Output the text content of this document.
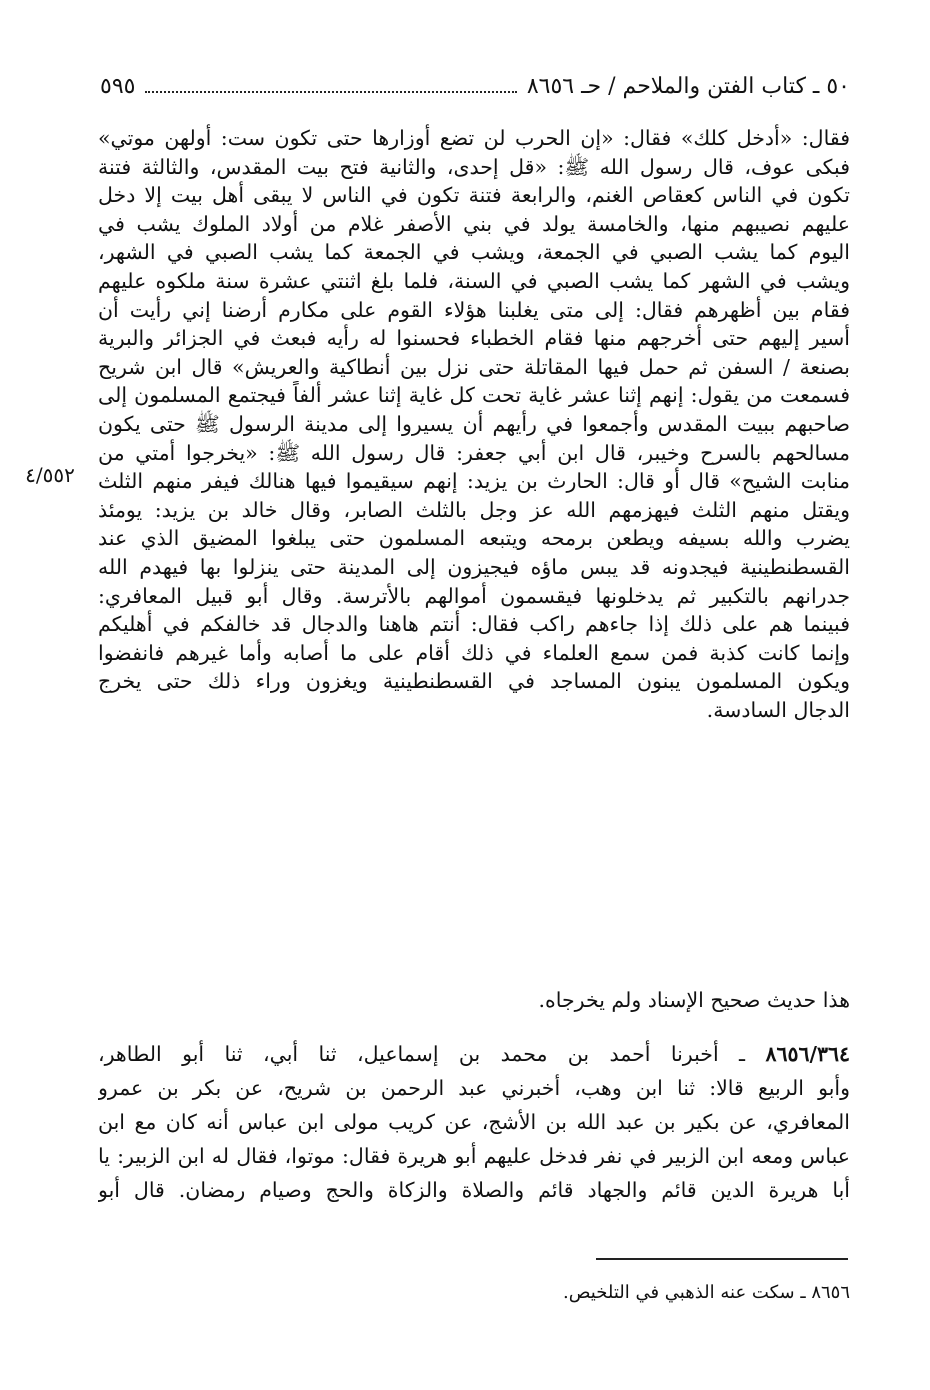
٥٠ ـ كتاب الفتن والملاحم / حـ ٨٦٥٦
٥٩٥
فقال: «أدخل كلك» فقال: «إن الحرب لن تضع أوزارها حتى تكون ست: أولهن موتي»
فبكى عوف، قال رسول الله ﷺ: «قل إحدى، والثانية فتح بيت المقدس، والثالثة فتنة
تكون في الناس كعقاص الغنم، والرابعة فتنة تكون في الناس لا يبقى أهل بيت إلا دخل
عليهم نصيبهم منها، والخامسة يولد في بني الأصفر غلام من أولاد الملوك يشب في
اليوم كما يشب الصبي في الجمعة، ويشب في الجمعة كما يشب الصبي في الشهر،
ويشب في الشهر كما يشب الصبي في السنة، فلما بلغ اثنتي عشرة سنة ملكوه عليهم
فقام بين أظهرهم فقال: إلى متى يغلبنا هؤلاء القوم على مكارم أرضنا إني رأيت أن
أسير إليهم حتى أخرجهم منها فقام الخطباء فحسنوا له رأيه فبعث في الجزائر والبرية
بصنعة / السفن ثم حمل فيها المقاتلة حتى نزل بين أنطاكية والعريش» قال ابن شريح
فسمعت من يقول: إنهم إثنا عشر غاية تحت كل غاية إثنا عشر ألفاً فيجتمع المسلمون إلى
صاحبهم ببيت المقدس وأجمعوا في رأيهم أن يسيروا إلى مدينة الرسول ﷺ حتى يكون
مسالحهم بالسرح وخيبر، قال ابن أبي جعفر: قال رسول الله ﷺ: «يخرجوا أمتي من
منابت الشيح» قال أو قال: الحارث بن يزيد: إنهم سيقيموا فيها هنالك فيفر منهم الثلث
ويقتل منهم الثلث فيهزمهم الله عز وجل بالثلث الصابر، وقال خالد بن يزيد: يومئذ
يضرب والله بسيفه ويطعن برمحه ويتبعه المسلمون حتى يبلغوا المضيق الذي عند
القسطنطينية فيجدونه قد يبس ماؤه فيجيزون إلى المدينة حتى ينزلوا بها فيهدم الله
جدرانهم بالتكبير ثم يدخلونها فيقسمون أموالهم بالأترسة. وقال أبو قبيل المعافري:
فبينما هم على ذلك إذا جاءهم راكب فقال: أنتم هاهنا والدجال قد خالفكم في أهليكم
وإنما كانت كذبة فمن سمع العلماء في ذلك أقام على ما أصابه وأما غيرهم فانفضوا
ويكون المسلمون يبنون المساجد في القسطنطينية ويغزون وراء ذلك حتى يخرج
الدجال السادسة.
٤/٥٥٢
هذا حديث صحيح الإسناد ولم يخرجاه.
٨٦٥٦/٣٦٤ ـ أخبرنا أحمد بن محمد بن إسماعيل، ثنا أبي، ثنا أبو الطاهر،
وأبو الربيع قالا: ثنا ابن وهب، أخبرني عبد الرحمن بن شريح، عن بكر بن عمرو
المعافري، عن بكير بن عبد الله بن الأشج، عن كريب مولى ابن عباس أنه كان مع ابن
عباس ومعه ابن الزبير في نفر فدخل عليهم أبو هريرة فقال: موتوا، فقال له ابن الزبير: يا
أبا هريرة الدين قائم والجهاد قائم والصلاة والزكاة والحج وصيام رمضان. قال أبو
٨٦٥٦ ـ سكت عنه الذهبي في التلخيص.
